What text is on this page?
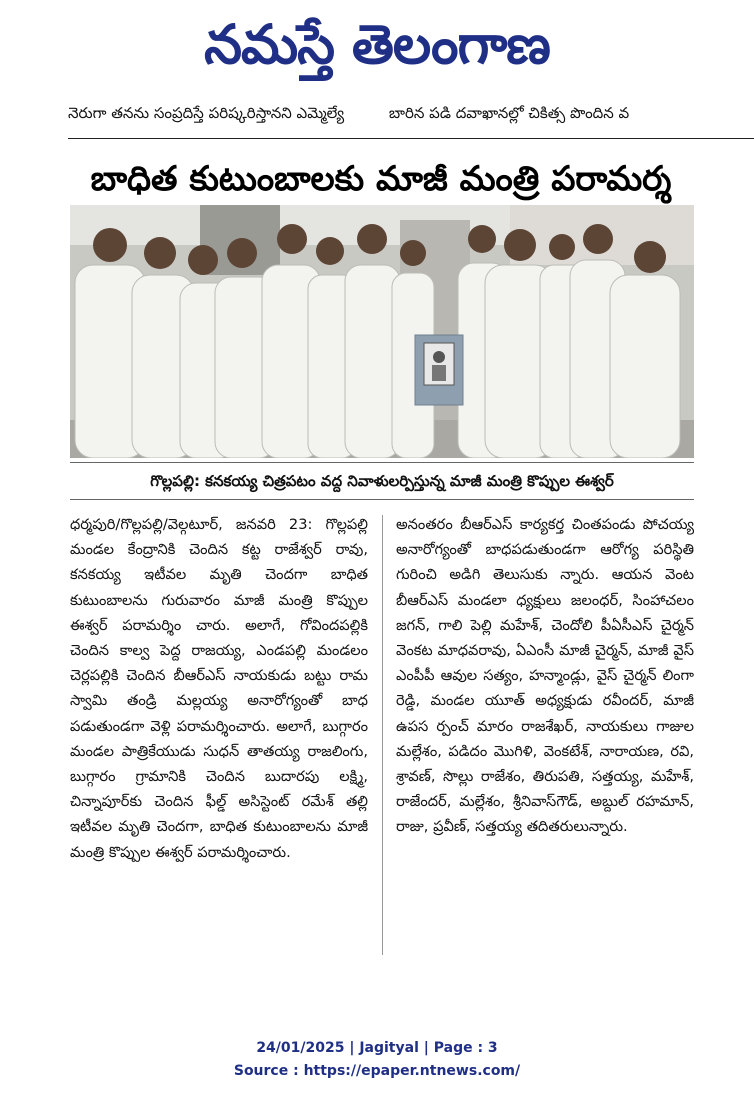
నమస్తే తెలంగాణ
నెరుగా తనను సంప్రదిస్తే పరిష్కరిస్తానని ఎమ్మెల్యే	బారిన పడి దవాఖానల్లో చికిత్స పొందిన వ
బాధిత కుటుంబాలకు మాజీ మంత్రి పరామర్శ
గొల్లపల్లి: కనకయ్య చిత్రపటం వద్ద నివాళులర్పిస్తున్న మాజీ మంత్రి కొప్పుల ఈశ్వర్
ధర్మపురి/గొల్లపల్లి/వెల్గటూర్, జనవరి 23: గొల్లపల్లి మండల కేంద్రానికి చెందిన కట్ట రాజేశ్వర్ రావు, కనకయ్య ఇటీవల మృతి చెందగా బాధిత కుటుంబాలను గురువారం మాజీ మంత్రి కొప్పుల ఈశ్వర్ పరామర్శిం చారు. అలాగే, గోవిందపల్లికి చెందిన కాల్వ పెద్ద రాజయ్య, ఎండపల్లి మండలం చెర్లపల్లికి చెందిన బీఆర్ఎస్ నాయకుడు బట్టు రామ స్వామి తండ్రి మల్లయ్య అనారోగ్యంతో బాధ పడుతుండగా వెళ్లి పరామర్శించారు. అలాగే, బుగ్గారం మండల పాత్రికేయుడు సుధన్ తాతయ్య రాజలింగు, బుగ్గారం గ్రామానికి చెందిన బుదారపు లక్ష్మి, చిన్నాపూర్‌కు చెందిన ఫీల్డ్ అసిస్టెంట్ రమేశ్ తల్లి ఇటీవల మృతి చెందగా, బాధిత కుటుంబాలను మాజీ మంత్రి కొప్పుల ఈశ్వర్ పరామర్శించారు.
అనంతరం బీఆర్ఎస్ కార్యకర్త చింతపండు పోచయ్య అనారోగ్యంతో బాధపడుతుండగా ఆరోగ్య పరిస్థితి గురించి అడిగి తెలుసుకు న్నారు. ఆయన వెంట బీఆర్ఎస్ మండలా ధ్యక్షులు జలంధర్, సింహాచలం జగన్, గాలి పెల్లి మహేశ్, చెందోలి పీఏసీఎస్ చైర్మన్ వెంకట మాధవరావు, ఏఎంసీ మాజీ చైర్మన్, మాజీ వైస్ ఎంపీపీ ఆవుల సత్యం, హన్మాండ్లు, వైస్ చైర్మన్ లింగా రెడ్డి, మండల యూత్ అధ్యక్షుడు రవీందర్, మాజీ ఉపస ర్పంచ్ మారం రాజశేఖర్, నాయకులు గాజుల మల్లేశం, పడిదం మొగిళి, వెంకటేశ్, నారాయణ, రవి, శ్రావణ్, సొల్లు రాజేశం, తిరుపతి, సత్తయ్య, మహేశ్, రాజేందర్, మల్లేశం, శ్రీనివాస్‌గౌడ్, అబ్దుల్ రహమాన్, రాజు, ప్రవీణ్, సత్తయ్య తదితరులున్నారు.
24/01/2025 | Jagityal | Page : 3
Source : https://epaper.ntnews.com/
